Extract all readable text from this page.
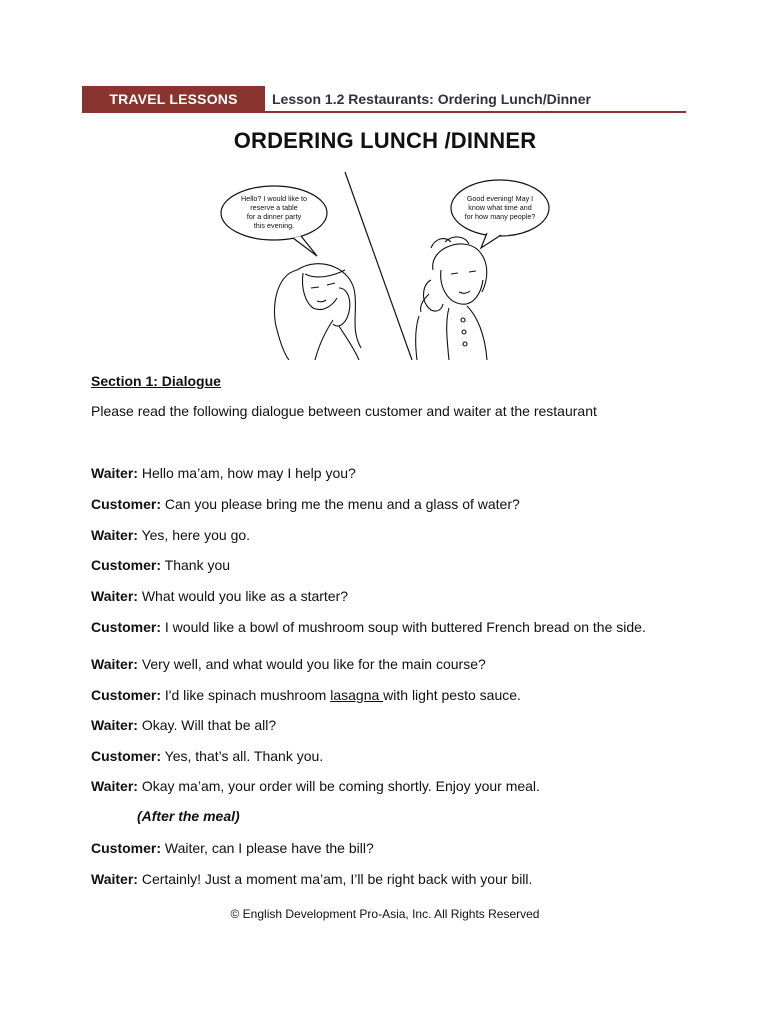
TRAVEL LESSONS	Lesson 1.2 Restaurants: Ordering Lunch/Dinner
ORDERING LUNCH /DINNER
Hello? I would like to
reserve a table
for a dinner party
this evening.
Good evening! May I
know what time and
for how many people?
Section 1: Dialogue
Please read the following dialogue between customer and waiter at the restaurant
Waiter: Hello ma’am, how may I help you?
Customer: Can you please bring me the menu and a glass of water?
Waiter: Yes, here you go.
Customer: Thank you
Waiter: What would you like as a starter?
Customer: I would like a bowl of mushroom soup with buttered French bread on the side.
Waiter: Very well, and what would you like for the main course?
Customer: I'd like spinach mushroom lasagna with light pesto sauce.
Waiter: Okay. Will that be all?
Customer: Yes, that’s all. Thank you.
Waiter: Okay ma’am, your order will be coming shortly. Enjoy your meal.
(After the meal)
Customer: Waiter, can I please have the bill?
Waiter: Certainly! Just a moment ma’am, I’ll be right back with your bill.
© English Development Pro-Asia, Inc. All Rights Reserved
